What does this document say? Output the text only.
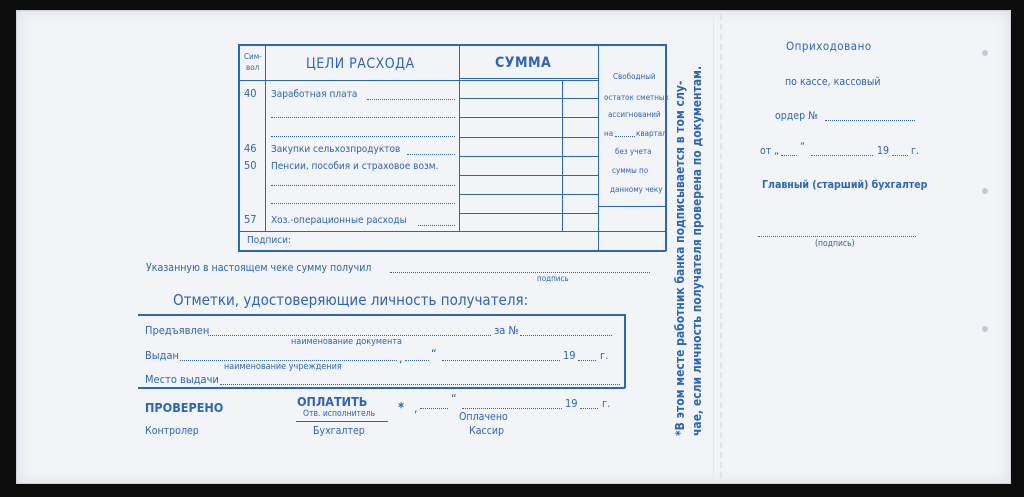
Сим-
вол	ЦЕЛИ РАСХОДА	СУММА
Свободный
остаток сметных
ассигнований
на	квартал
без учета
суммы по
данному чеку
40 Заработная плата
46 Закупки сельхозпродуктов
50 Пенсии, пособия и страховое возм.
57 Хоз.-операционные расходы
Подписи:
Указанную в настоящем чеке сумму получил
подпись
Отметки, удостоверяющие личность получателя:
Предъявлен	за №
наименование документа
Выдан	, “	19 г.
наименование учреждения
Место выдачи
ПРОВЕРЕНО
Контролер
ОПЛАТИТЬ
Отв. исполнитель
Бухгалтер
* ,
“	19 г.
Оплачено
Кассир	*В этом месте работник банка подписывается в том слу- чае, если личность получателя проверена по документам.
Оприходовано
по кассе, кассовый
ордер №
от „ “	19 г.
Главный (старший) бухгалтер
(подпись)
